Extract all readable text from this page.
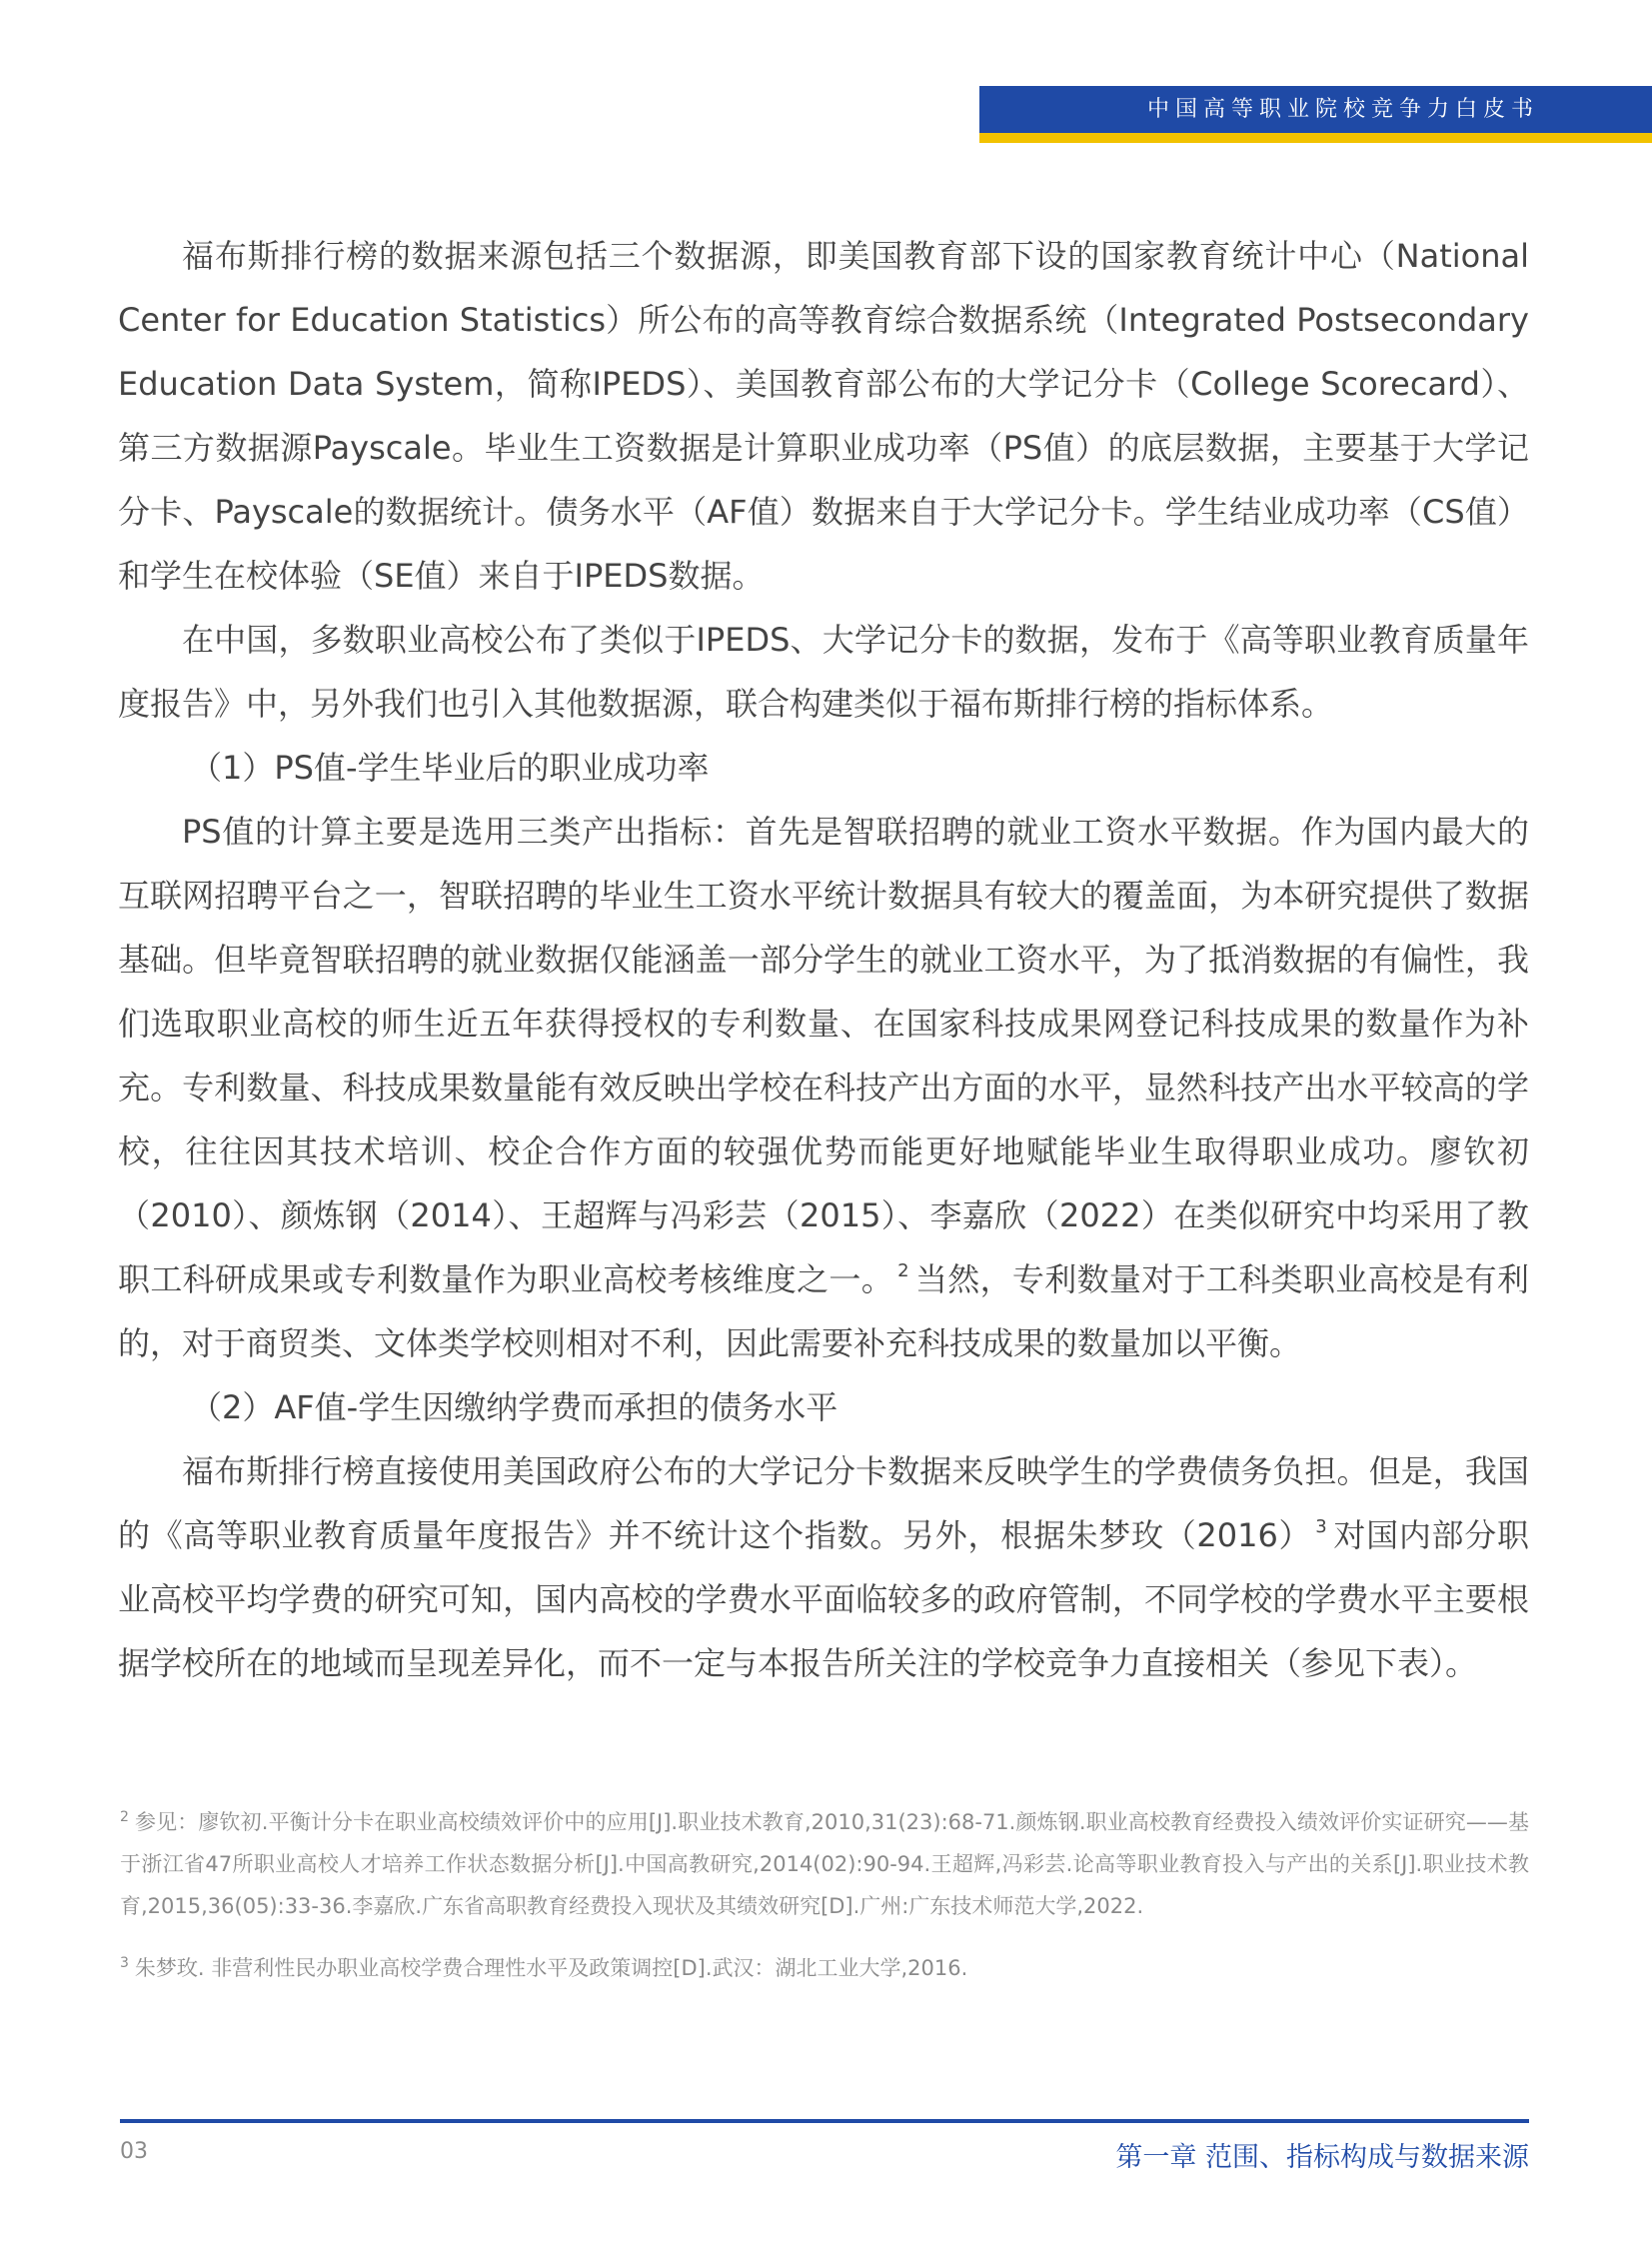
中国高等职业院校竞争力白皮书

福布斯排行榜的数据来源包括三个数据源，即美国教育部下设的国家教育统计中心（National Center for Education Statistics）所公布的高等教育综合数据系统（Integrated Postsecondary Education Data System，简称IPEDS）、美国教育部公布的大学记分卡（College Scorecard）、第三方数据源Payscale。毕业生工资数据是计算职业成功率（PS值）的底层数据，主要基于大学记分卡、Payscale的数据统计。债务水平（AF值）数据来自于大学记分卡。学生结业成功率（CS值）和学生在校体验（SE值）来自于IPEDS数据。

在中国，多数职业高校公布了类似于IPEDS、大学记分卡的数据，发布于《高等职业教育质量年度报告》中，另外我们也引入其他数据源，联合构建类似于福布斯排行榜的指标体系。

（1）PS值-学生毕业后的职业成功率

PS值的计算主要是选用三类产出指标：首先是智联招聘的就业工资水平数据。作为国内最大的互联网招聘平台之一，智联招聘的毕业生工资水平统计数据具有较大的覆盖面，为本研究提供了数据基础。但毕竟智联招聘的就业数据仅能涵盖一部分学生的就业工资水平，为了抵消数据的有偏性，我们选取职业高校的师生近五年获得授权的专利数量、在国家科技成果网登记科技成果的数量作为补充。专利数量、科技成果数量能有效反映出学校在科技产出方面的水平，显然科技产出水平较高的学校，往往因其技术培训、校企合作方面的较强优势而能更好地赋能毕业生取得职业成功。廖钦初（2010）、颜炼钢（2014）、王超辉与冯彩芸（2015）、李嘉欣（2022）在类似研究中均采用了教职工科研成果或专利数量作为职业高校考核维度之一。 $^2$ 当然，专利数量对于工科类职业高校是有利的，对于商贸类、文体类学校则相对不利，因此需要补充科技成果的数量加以平衡。

（2）AF值-学生因缴纳学费而承担的债务水平

福布斯排行榜直接使用美国政府公布的大学记分卡数据来反映学生的学费债务负担。但是，我国的《高等职业教育质量年度报告》并不统计这个指数。另外，根据朱梦玫（2016） $^3$ 对国内部分职业高校平均学费的研究可知，国内高校的学费水平面临较多的政府管制，不同学校的学费水平主要根据学校所在的地域而呈现差异化，而不一定与本报告所关注的学校竞争力直接相关（参见下表）。

$^2$ 参见：廖钦初.平衡计分卡在职业高校绩效评价中的应用[J].职业技术教育,2010,31(23):68-71.颜炼钢.职业高校教育经费投入绩效评价实证研究——基于浙江省47所职业高校人才培养工作状态数据分析[J].中国高教研究,2014(02):90-94.王超辉,冯彩芸.论高等职业教育投入与产出的关系[J].职业技术教育,2015,36(05):33-36.李嘉欣.广东省高职教育经费投入现状及其绩效研究[D].广州:广东技术师范大学,2022.

$^3$ 朱梦玫. 非营利性民办职业高校学费合理性水平及政策调控[D].武汉：湖北工业大学,2016.

03	第一章 范围、指标构成与数据来源
